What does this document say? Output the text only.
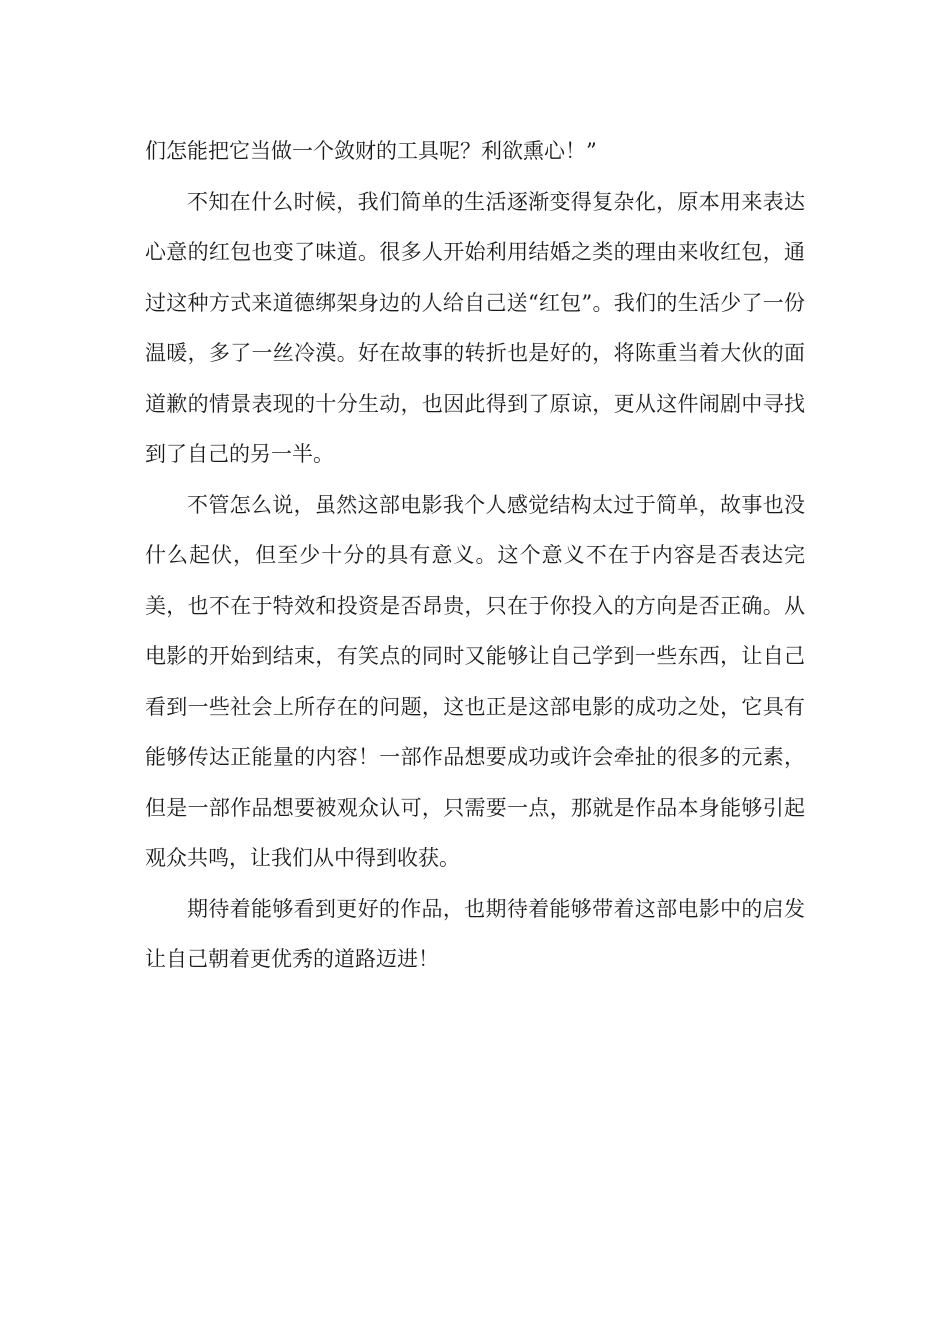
们怎能把它当做一个敛财的工具呢？利欲熏心！”

不知在什么时候，我们简单的生活逐渐变得复杂化，原本用来表达心意的红包也变了味道。很多人开始利用结婚之类的理由来收红包，通过这种方式来道德绑架身边的人给自己送“红包”。我们的生活少了一份温暖，多了一丝冷漠。好在故事的转折也是好的，将陈重当着大伙的面道歉的情景表现的十分生动，也因此得到了原谅，更从这件闹剧中寻找到了自己的另一半。

不管怎么说，虽然这部电影我个人感觉结构太过于简单，故事也没什么起伏，但至少十分的具有意义。这个意义不在于内容是否表达完美，也不在于特效和投资是否昂贵，只在于你投入的方向是否正确。从电影的开始到结束，有笑点的同时又能够让自己学到一些东西，让自己看到一些社会上所存在的问题，这也正是这部电影的成功之处，它具有能够传达正能量的内容！一部作品想要成功或许会牵扯的很多的元素，但是一部作品想要被观众认可，只需要一点，那就是作品本身能够引起观众共鸣，让我们从中得到收获。

期待着能够看到更好的作品，也期待着能够带着这部电影中的启发让自己朝着更优秀的道路迈进！
